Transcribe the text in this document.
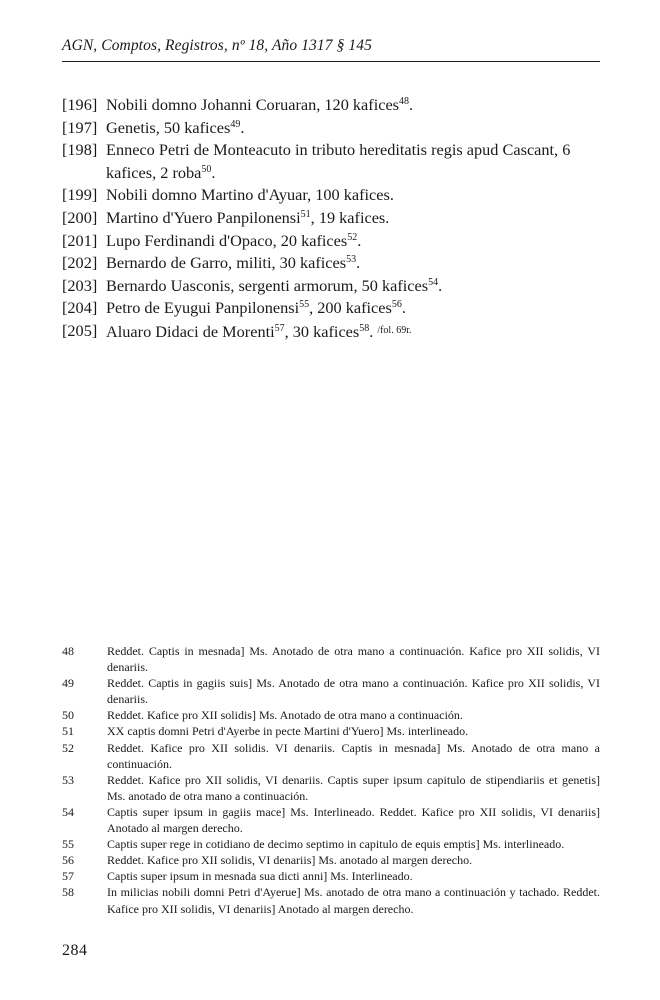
AGN, Comptos, Registros, nº 18, Año 1317 § 145
[196] Nobili domno Johanni Coruaran, 120 kafices$^{48}$.
[197] Genetis, 50 kafices$^{49}$.
[198] Enneco Petri de Monteacuto in tributo hereditatis regis apud Cascant, 6 kafices, 2 roba$^{50}$.
[199] Nobili domno Martino d'Ayuar, 100 kafices.
[200] Martino d'Yuero Panpilonensi$^{51}$, 19 kafices.
[201] Lupo Ferdinandi d'Opaco, 20 kafices$^{52}$.
[202] Bernardo de Garro, militi, 30 kafices$^{53}$.
[203] Bernardo Uasconis, sergenti armorum, 50 kafices$^{54}$.
[204] Petro de Eyugui Panpilonensi$^{55}$, 200 kafices$^{56}$.
[205] Aluaro Didaci de Morenti$^{57}$, 30 kafices$^{58}$. $^{/fol. 69r.}$
48	Reddet. Captis in mesnada] Ms. Anotado de otra mano a continuación. Kafice pro XII solidis, VI denariis.
49	Reddet. Captis in gagiis suis] Ms. Anotado de otra mano a continuación. Kafice pro XII solidis, VI denariis.
50	Reddet. Kafice pro XII solidis] Ms. Anotado de otra mano a continuación.
51	XX captis domni Petri d'Ayerbe in pecte Martini d'Yuero] Ms. interlineado.
52	Reddet. Kafice pro XII solidis. VI denariis. Captis in mesnada] Ms. Anotado de otra mano a continuación.
53	Reddet. Kafice pro XII solidis, VI denariis. Captis super ipsum capitulo de stipendiariis et genetis] Ms. anotado de otra mano a continuación.
54	Captis super ipsum in gagiis mace] Ms. Interlineado. Reddet. Kafice pro XII solidis, VI denariis] Anotado al margen derecho.
55	Captis super rege in cotidiano de decimo septimo in capitulo de equis emptis] Ms. interlineado.
56	Reddet. Kafice pro XII solidis, VI denariis] Ms. anotado al margen derecho.
57	Captis super ipsum in mesnada sua dicti anni] Ms. Interlineado.
58	In milicias nobili domni Petri d'Ayerue] Ms. anotado de otra mano a continuación y tachado. Reddet. Kafice pro XII solidis, VI denariis] Anotado al margen derecho.
284
